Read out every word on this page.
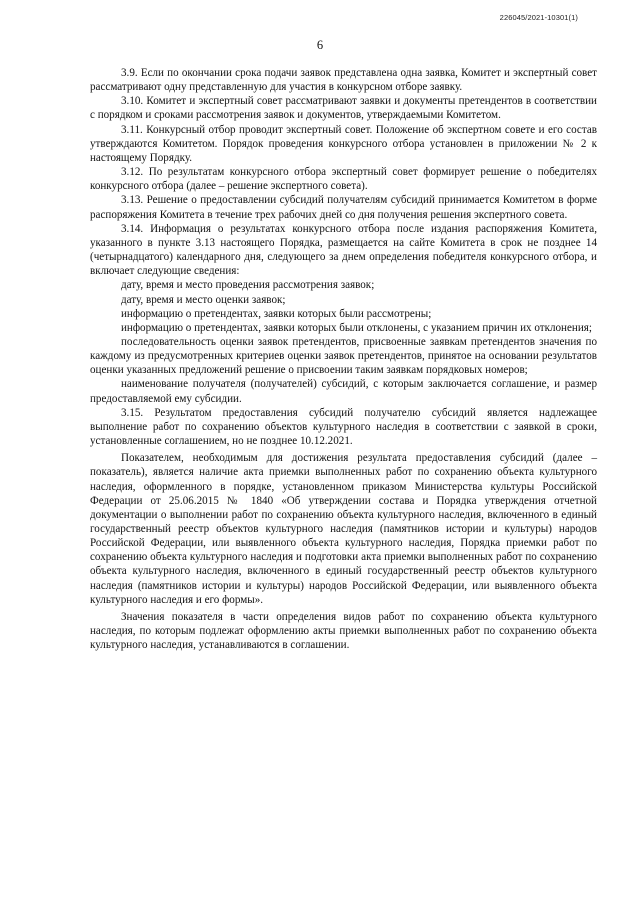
226045/2021-10301(1)
6

3.9. Если по окончании срока подачи заявок представлена одна заявка, Комитет и экспертный совет рассматривают одну представленную для участия в конкурсном отборе заявку.

3.10. Комитет и экспертный совет рассматривают заявки и документы претендентов в соответствии с порядком и сроками рассмотрения заявок и документов, утверждаемыми Комитетом.

3.11. Конкурсный отбор проводит экспертный совет. Положение об экспертном совете и его состав утверждаются Комитетом. Порядок проведения конкурсного отбора установлен в приложении № 2 к настоящему Порядку.

3.12. По результатам конкурсного отбора экспертный совет формирует решение о победителях конкурсного отбора (далее – решение экспертного совета).

3.13. Решение о предоставлении субсидий получателям субсидий принимается Комитетом в форме распоряжения Комитета в течение трех рабочих дней со дня получения решения экспертного совета.

3.14. Информация о результатах конкурсного отбора после издания распоряжения Комитета, указанного в пункте 3.13 настоящего Порядка, размещается на сайте Комитета в срок не позднее 14 (четырнадцатого) календарного дня, следующего за днем определения победителя конкурсного отбора, и включает следующие сведения:

дату, время и место проведения рассмотрения заявок;

дату, время и место оценки заявок;

информацию о претендентах, заявки которых были рассмотрены;

информацию о претендентах, заявки которых были отклонены, с указанием причин их отклонения;

последовательность оценки заявок претендентов, присвоенные заявкам претендентов значения по каждому из предусмотренных критериев оценки заявок претендентов, принятое на основании результатов оценки указанных предложений решение о присвоении таким заявкам порядковых номеров;

наименование получателя (получателей) субсидий, с которым заключается соглашение, и размер предоставляемой ему субсидии.

3.15. Результатом предоставления субсидий получателю субсидий является надлежащее выполнение работ по сохранению объектов культурного наследия в соответствии с заявкой в сроки, установленные соглашением, но не позднее 10.12.2021.

Показателем, необходимым для достижения результата предоставления субсидий (далее – показатель), является наличие акта приемки выполненных работ по сохранению объекта культурного наследия, оформленного в порядке, установленном приказом Министерства культуры Российской Федерации от 25.06.2015 № 1840 «Об утверждении состава и Порядка утверждения отчетной документации о выполнении работ по сохранению объекта культурного наследия, включенного в единый государственный реестр объектов культурного наследия (памятников истории и культуры) народов Российской Федерации, или выявленного объекта культурного наследия, Порядка приемки работ по сохранению объекта культурного наследия и подготовки акта приемки выполненных работ по сохранению объекта культурного наследия, включенного в единый государственный реестр объектов культурного наследия (памятников истории и культуры) народов Российской Федерации, или выявленного объекта культурного наследия и его формы».

Значения показателя в части определения видов работ по сохранению объекта культурного наследия, по которым подлежат оформлению акты приемки выполненных работ по сохранению объекта культурного наследия, устанавливаются в соглашении.
